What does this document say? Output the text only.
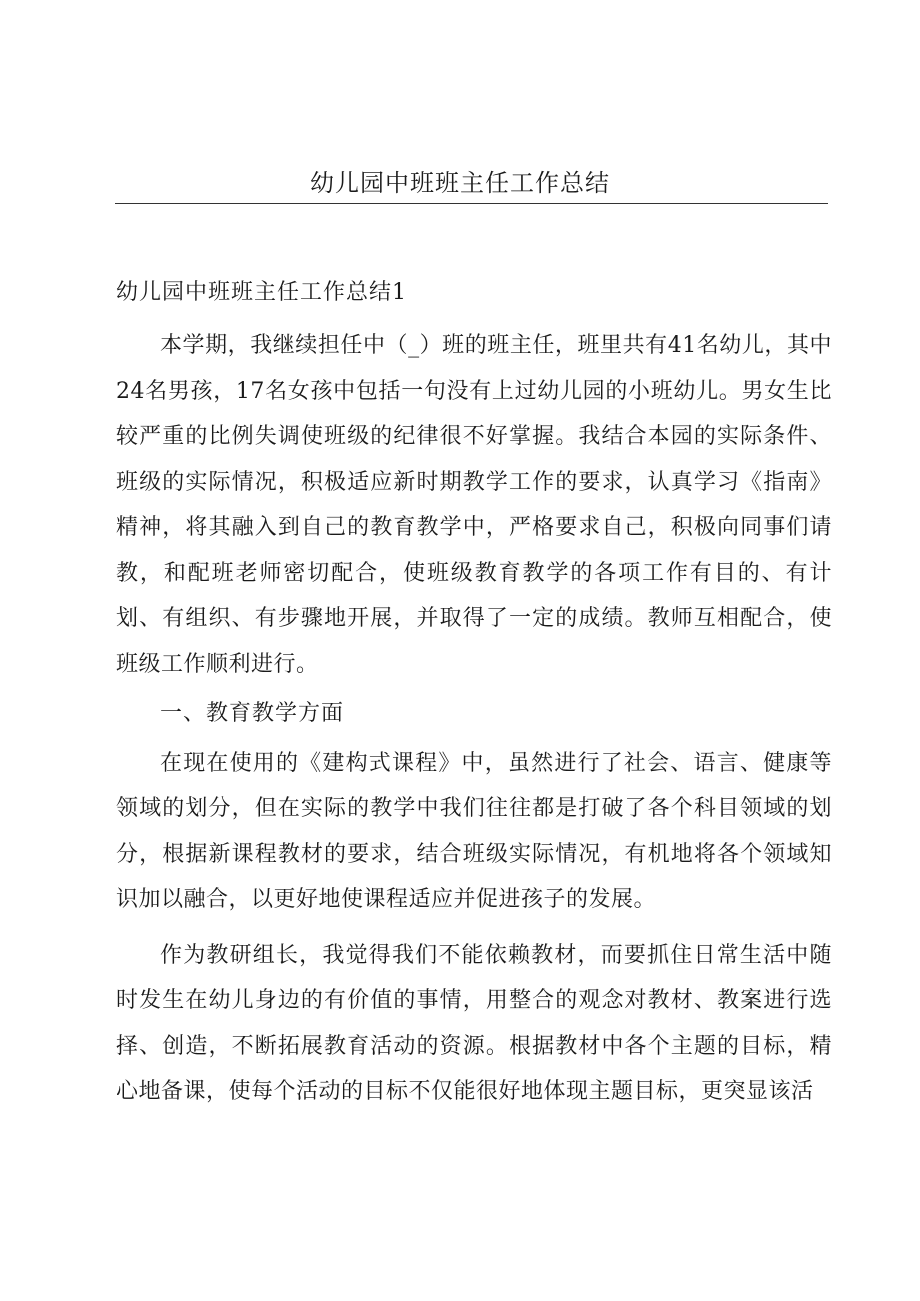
幼儿园中班班主任工作总结
幼儿园中班班主任工作总结1

本学期，我继续担任中（_）班的班主任，班里共有41名幼儿，其中24名男孩，17名女孩中包括一句没有上过幼儿园的小班幼儿。男女生比较严重的比例失调使班级的纪律很不好掌握。我结合本园的实际条件、班级的实际情况，积极适应新时期教学工作的要求，认真学习《指南》精神，将其融入到自己的教育教学中，严格要求自己，积极向同事们请教，和配班老师密切配合，使班级教育教学的各项工作有目的、有计划、有组织、有步骤地开展，并取得了一定的成绩。教师互相配合，使班级工作顺利进行。

一、教育教学方面

在现在使用的《建构式课程》中，虽然进行了社会、语言、健康等领域的划分，但在实际的教学中我们往往都是打破了各个科目领域的划分，根据新课程教材的要求，结合班级实际情况，有机地将各个领域知识加以融合，以更好地使课程适应并促进孩子的发展。

作为教研组长，我觉得我们不能依赖教材，而要抓住日常生活中随时发生在幼儿身边的有价值的事情，用整合的观念对教材、教案进行选择、创造，不断拓展教育活动的资源。根据教材中各个主题的目标，精心地备课，使每个活动的目标不仅能很好地体现主题目标，更突显该活
